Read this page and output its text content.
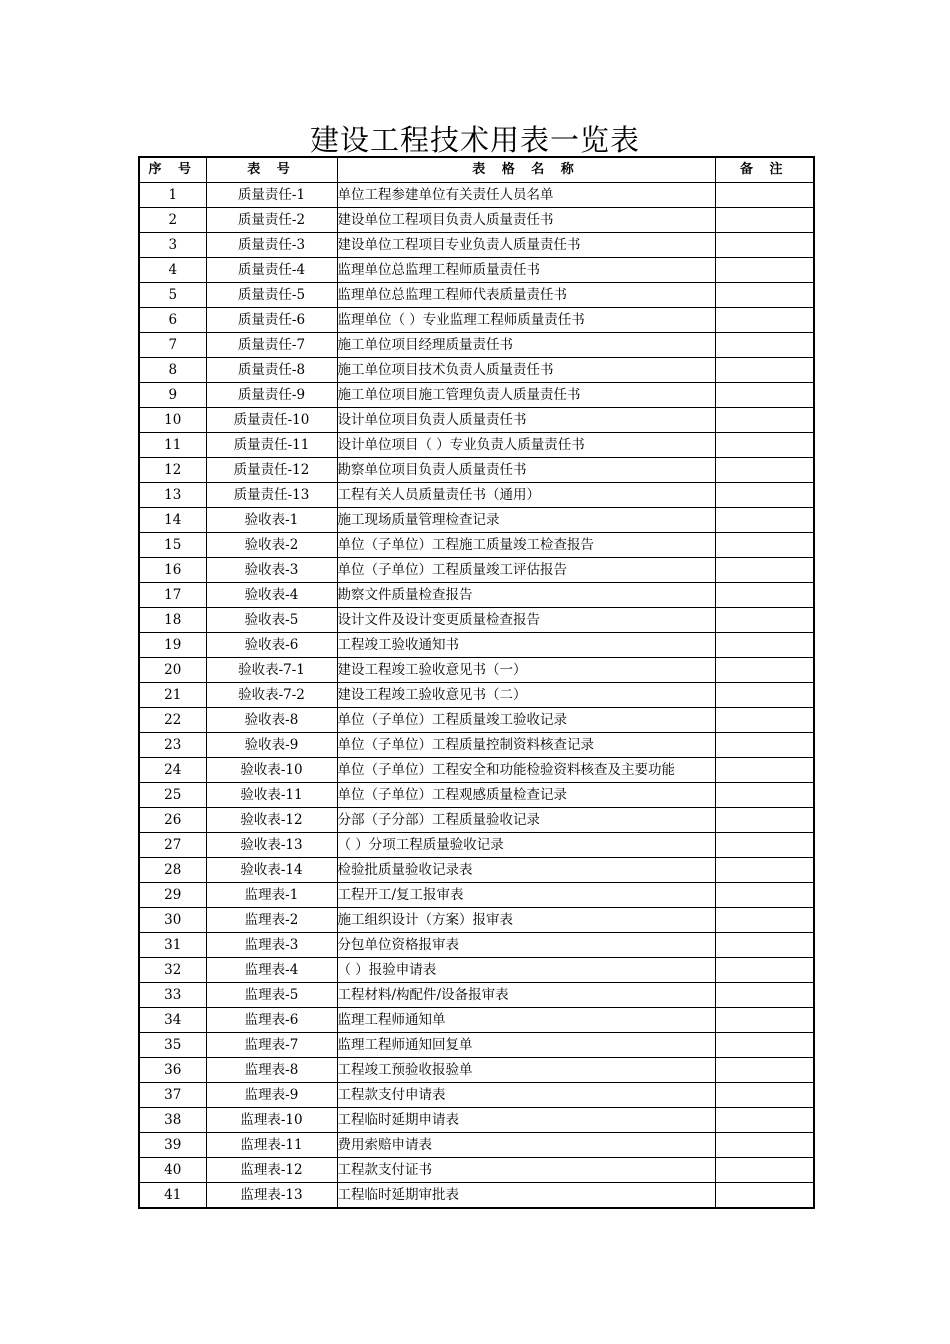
建设工程技术用表一览表
序 号	表 号	表 格 名 称	备 注
1	质量责任-1	单位工程参建单位有关责任人员名单	
2	质量责任-2	建设单位工程项目负责人质量责任书	
3	质量责任-3	建设单位工程项目专业负责人质量责任书	
4	质量责任-4	监理单位总监理工程师质量责任书	
5	质量责任-5	监理单位总监理工程师代表质量责任书	
6	质量责任-6	监理单位（ ）专业监理工程师质量责任书	
7	质量责任-7	施工单位项目经理质量责任书	
8	质量责任-8	施工单位项目技术负责人质量责任书	
9	质量责任-9	施工单位项目施工管理负责人质量责任书	
10	质量责任-10	设计单位项目负责人质量责任书	
11	质量责任-11	设计单位项目（ ）专业负责人质量责任书	
12	质量责任-12	勘察单位项目负责人质量责任书	
13	质量责任-13	工程有关人员质量责任书（通用）	
14	验收表-1	施工现场质量管理检查记录	
15	验收表-2	单位（子单位）工程施工质量竣工检查报告	
16	验收表-3	单位（子单位）工程质量竣工评估报告	
17	验收表-4	勘察文件质量检查报告	
18	验收表-5	设计文件及设计变更质量检查报告	
19	验收表-6	工程竣工验收通知书	
20	验收表-7-1	建设工程竣工验收意见书（一）	
21	验收表-7-2	建设工程竣工验收意见书（二）	
22	验收表-8	单位（子单位）工程质量竣工验收记录	
23	验收表-9	单位（子单位）工程质量控制资料核查记录	
24	验收表-10	单位（子单位）工程安全和功能检验资料核查及主要功能	
25	验收表-11	单位（子单位）工程观感质量检查记录	
26	验收表-12	分部（子分部）工程质量验收记录	
27	验收表-13	（ ）分项工程质量验收记录	
28	验收表-14	检验批质量验收记录表	
29	监理表-1	工程开工/复工报审表	
30	监理表-2	施工组织设计（方案）报审表	
31	监理表-3	分包单位资格报审表	
32	监理表-4	（ ）报验申请表	
33	监理表-5	工程材料/构配件/设备报审表	
34	监理表-6	监理工程师通知单	
35	监理表-7	监理工程师通知回复单	
36	监理表-8	工程竣工预验收报验单	
37	监理表-9	工程款支付申请表	
38	监理表-10	工程临时延期申请表	
39	监理表-11	费用索赔申请表	
40	监理表-12	工程款支付证书	
41	监理表-13	工程临时延期审批表	
